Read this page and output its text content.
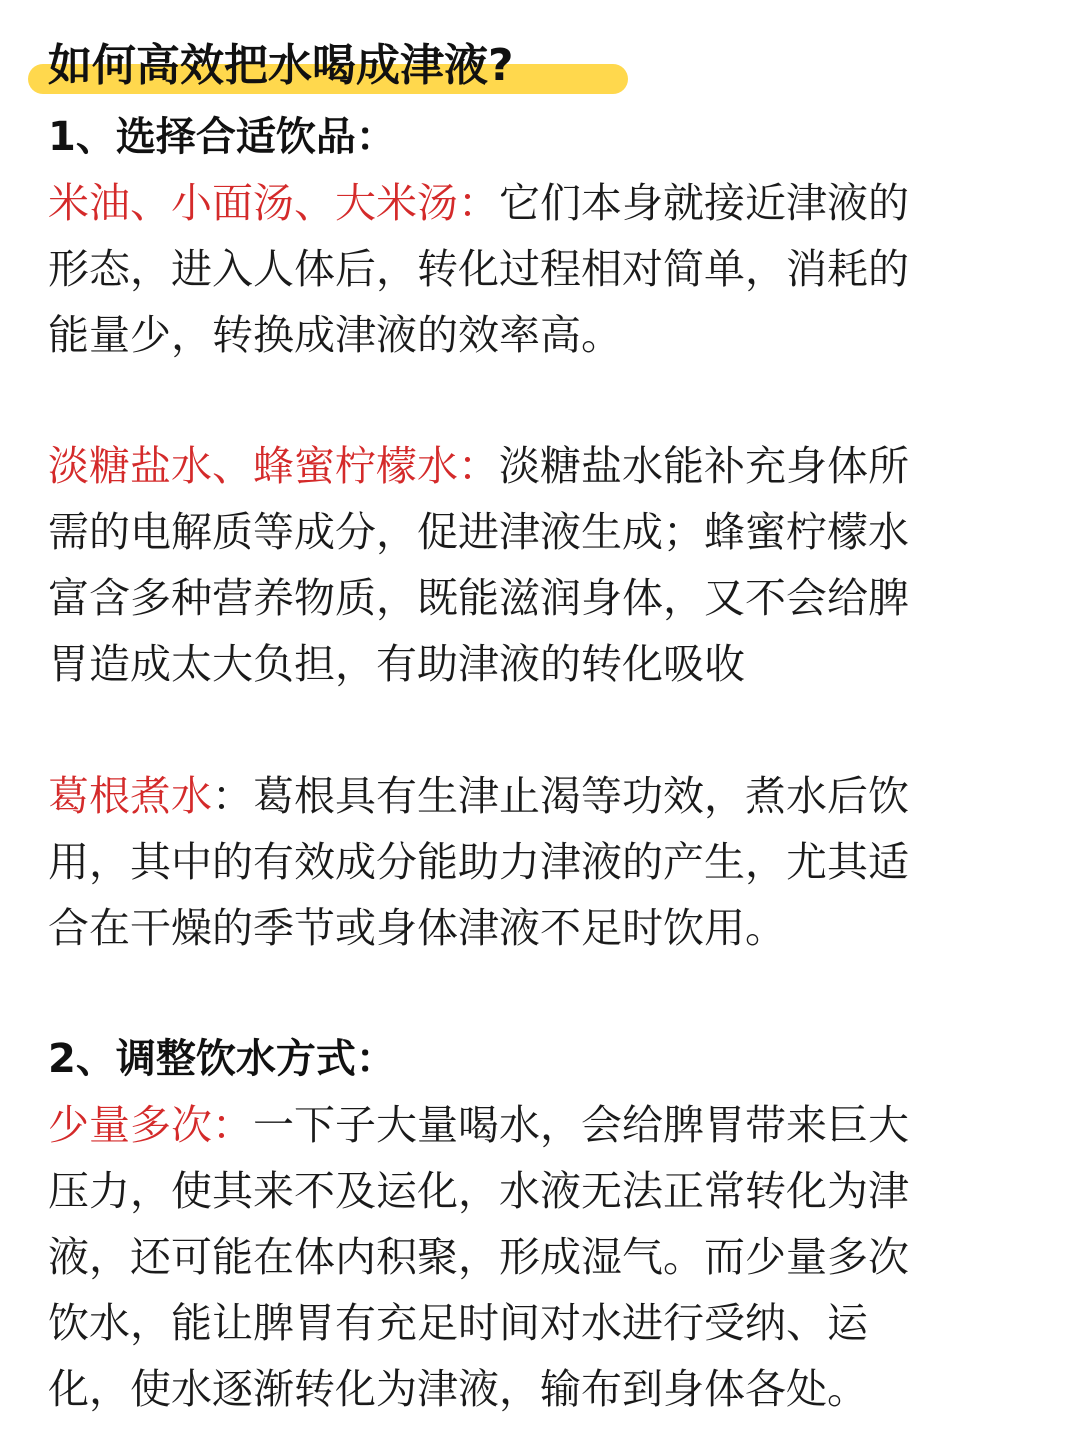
如何高效把水喝成津液?
1、选择合适饮品：
米油、小面汤、大米汤：它们本身就接近津液的
形态，进入人体后，转化过程相对简单，消耗的
能量少，转换成津液的效率高。
淡糖盐水、蜂蜜柠檬水：淡糖盐水能补充身体所
需的电解质等成分，促进津液生成；蜂蜜柠檬水
富含多种营养物质，既能滋润身体，又不会给脾
胃造成太大负担，有助津液的转化吸收
葛根煮水：葛根具有生津止渴等功效，煮水后饮
用，其中的有效成分能助力津液的产生，尤其适
合在干燥的季节或身体津液不足时饮用。
2、调整饮水方式：
少量多次：一下子大量喝水，会给脾胃带来巨大
压力，使其来不及运化，水液无法正常转化为津
液，还可能在体内积聚，形成湿气。而少量多次
饮水，能让脾胃有充足时间对水进行受纳、运
化，使水逐渐转化为津液，输布到身体各处。
